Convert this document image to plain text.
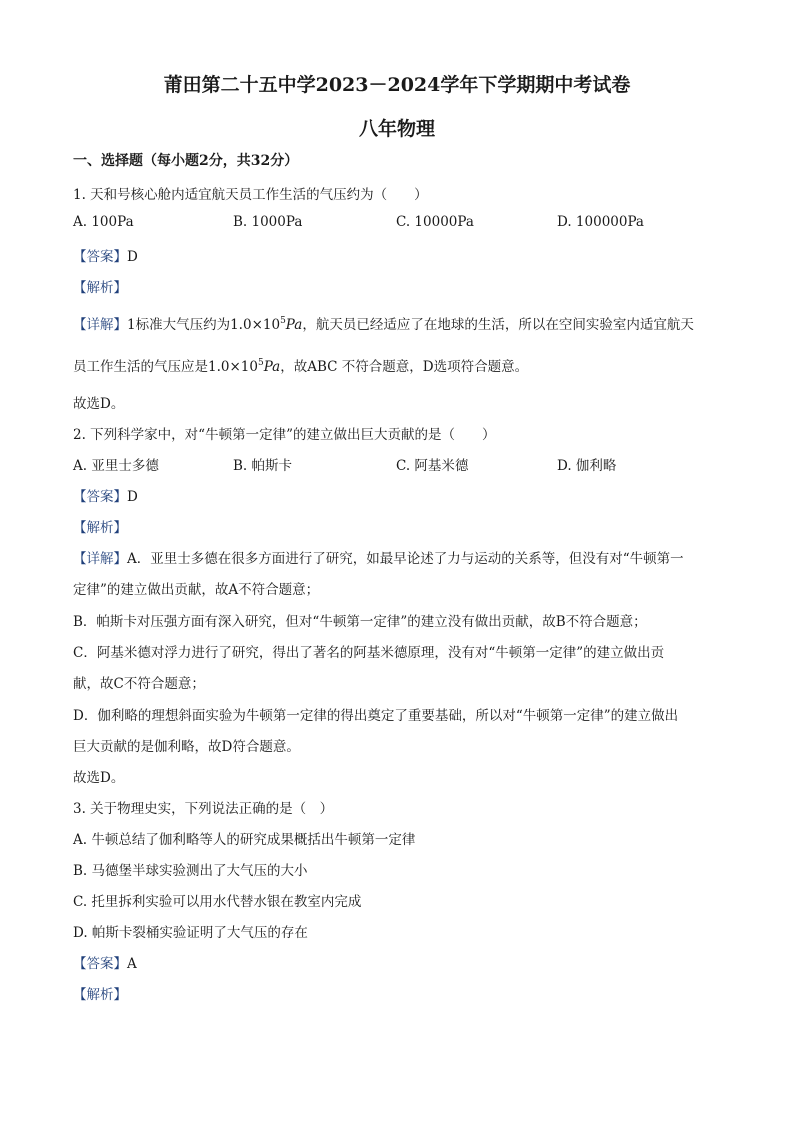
莆田第二十五中学2023－2024学年下学期期中考试卷
八年物理
一、选择题（每小题2分，共32分）
1. 天和号核心舱内适宜航天员工作生活的气压约为（　　）
A. 100Pa	B. 1000Pa	C. 10000Pa	D. 100000Pa
【答案】D
【解析】
【详解】1标准大气压约为$1.0\times 10^5Pa$，航天员已经适应了在地球的生活，所以在空间实验室内适宜航天
员工作生活的气压应是$1.0\times 10^5Pa$，故ABC 不符合题意，D选项符合题意。
故选D。
2. 下列科学家中，对“牛顿第一定律”的建立做出巨大贡献的是（　　）
A. 亚里士多德	B. 帕斯卡	C. 阿基米德	D. 伽利略
【答案】D
【解析】
【详解】A．亚里士多德在很多方面进行了研究，如最早论述了力与运动的关系等，但没有对“牛顿第一
定律”的建立做出贡献，故A不符合题意；
B．帕斯卡对压强方面有深入研究，但对“牛顿第一定律”的建立没有做出贡献，故B不符合题意；
C．阿基米德对浮力进行了研究，得出了著名的阿基米德原理，没有对“牛顿第一定律”的建立做出贡
献，故C不符合题意；
D．伽利略的理想斜面实验为牛顿第一定律的得出奠定了重要基础，所以对“牛顿第一定律”的建立做出
巨大贡献的是伽利略，故D符合题意。
故选D。
3. 关于物理史实，下列说法正确的是（　）
A. 牛顿总结了伽利略等人的研究成果概括出牛顿第一定律
B. 马德堡半球实验测出了大气压的大小
C. 托里拆利实验可以用水代替水银在教室内完成
D. 帕斯卡裂桶实验证明了大气压的存在
【答案】A
【解析】
